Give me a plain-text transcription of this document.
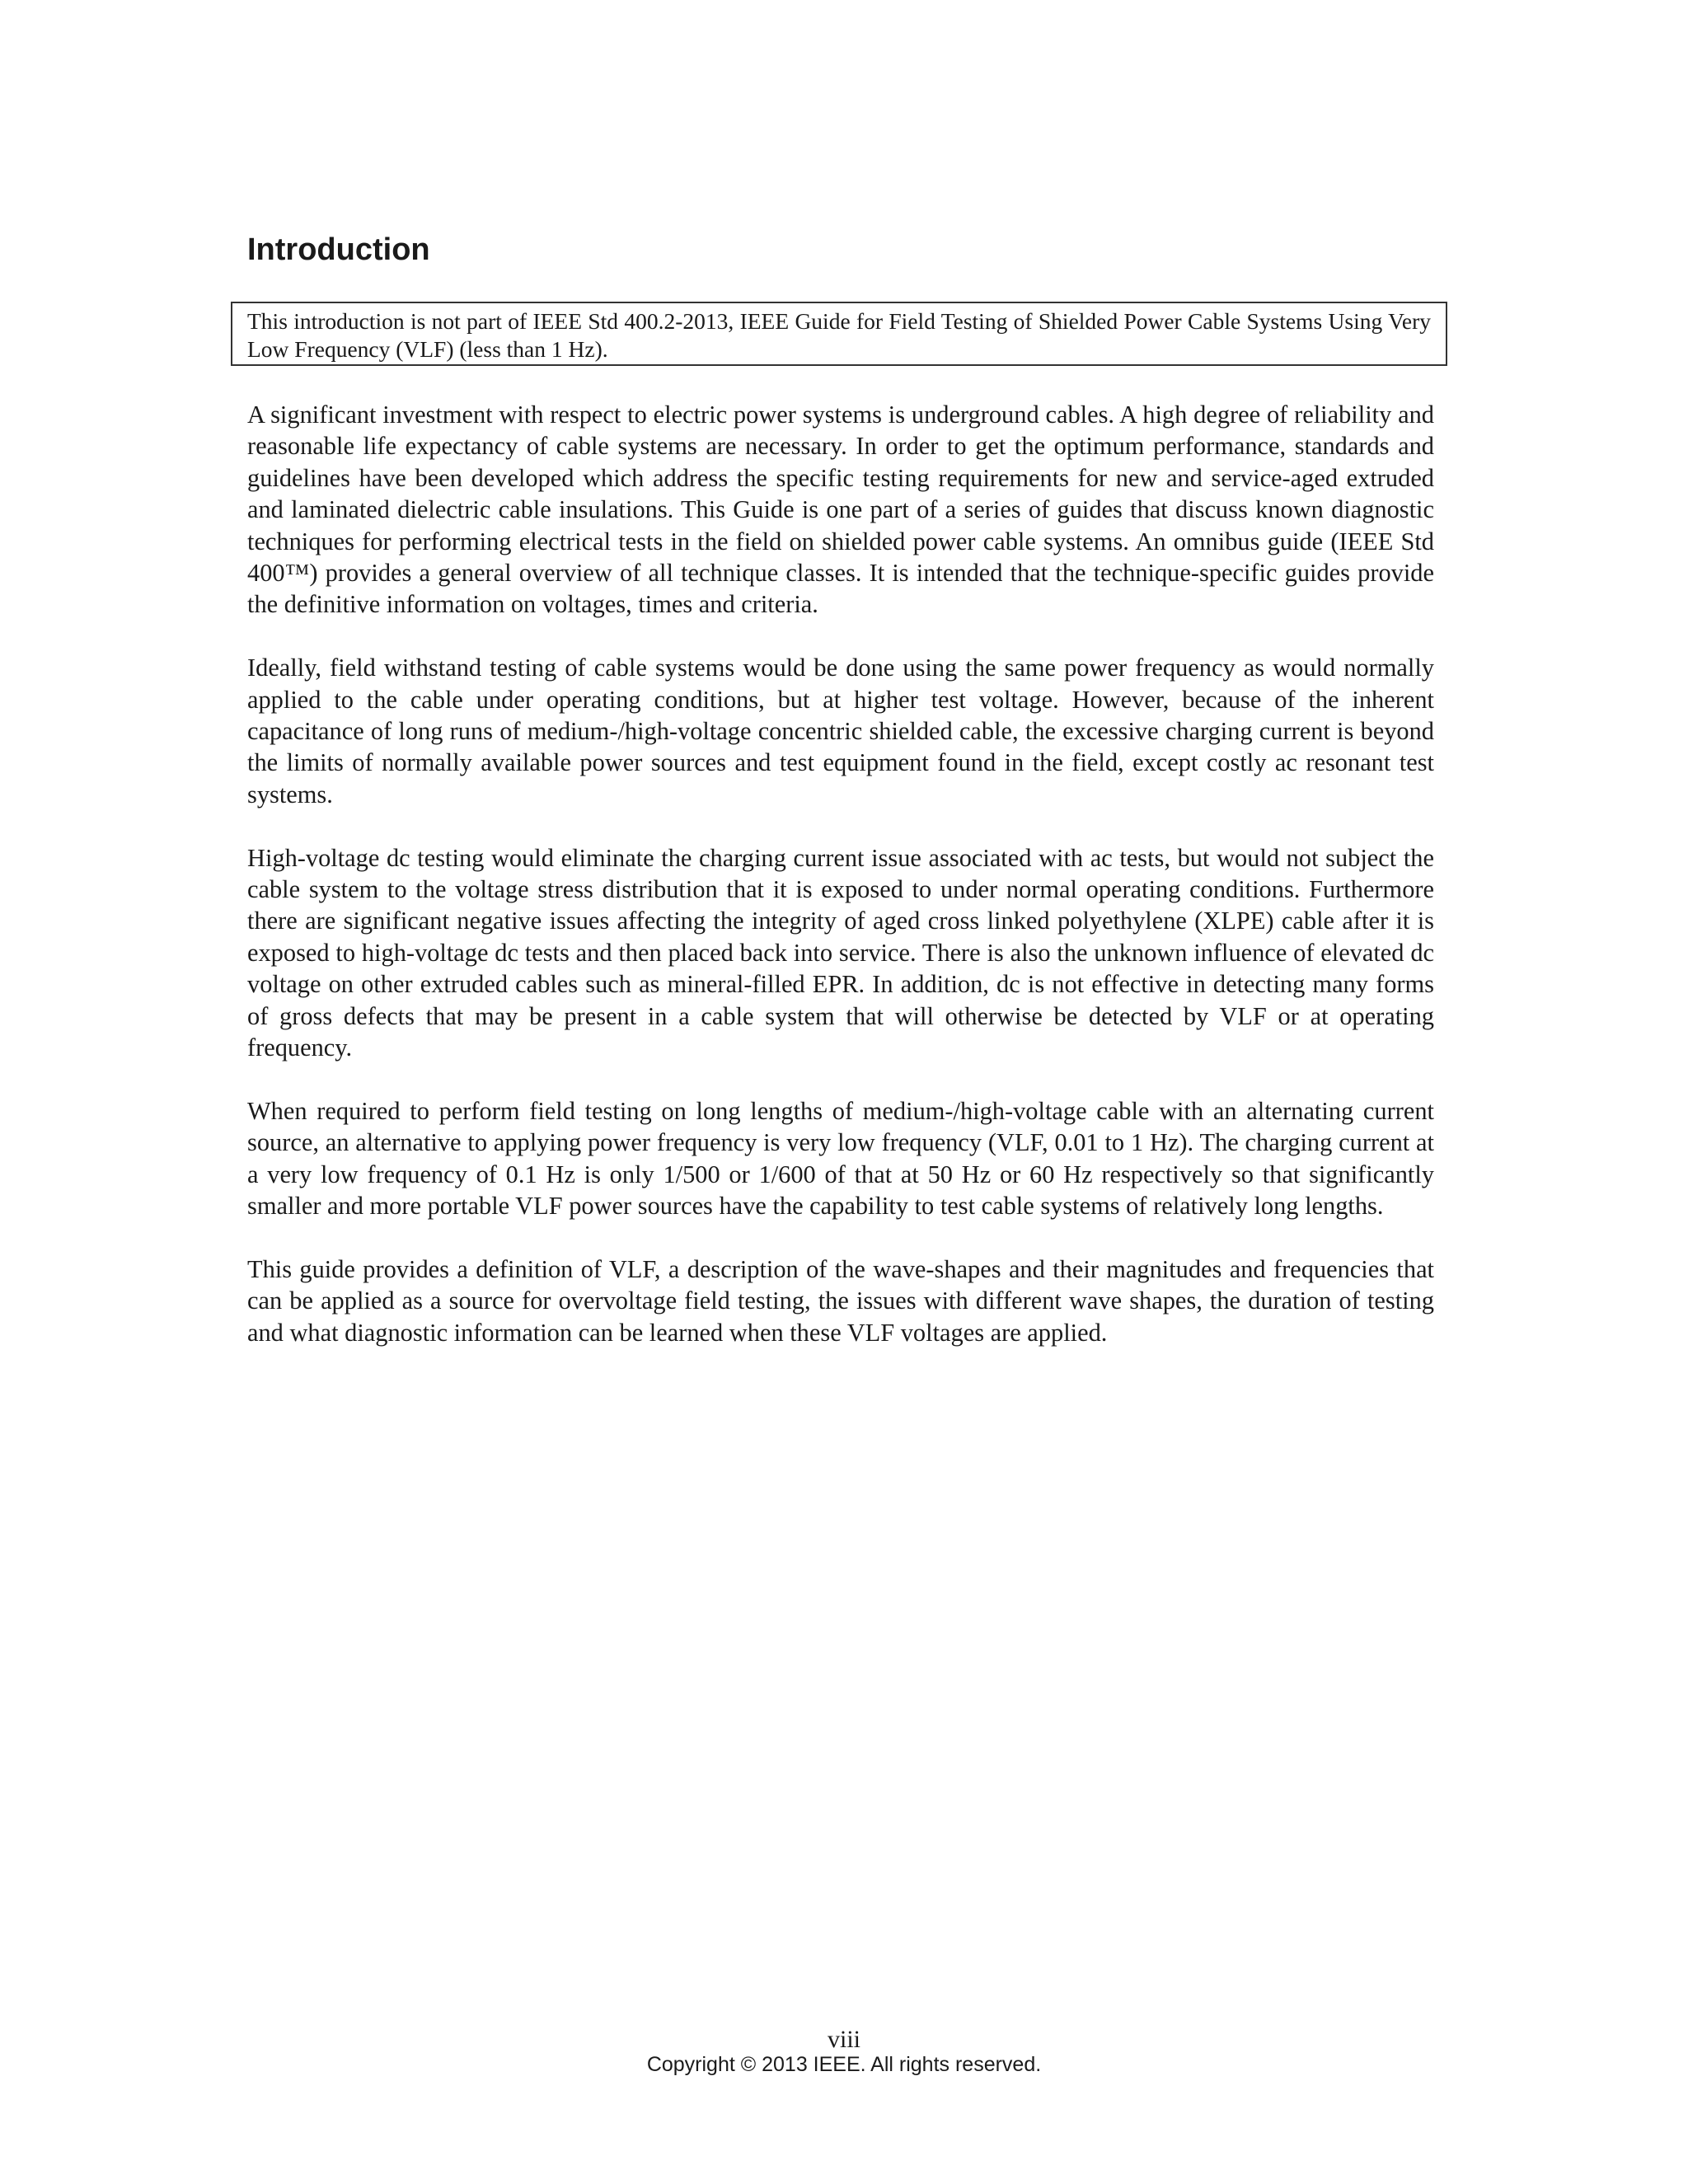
Introduction
This introduction is not part of IEEE Std 400.2-2013, IEEE Guide for Field Testing of Shielded Power Cable Systems Using Very Low Frequency (VLF) (less than 1 Hz).

A significant investment with respect to electric power systems is underground cables. A high degree of reliability and reasonable life expectancy of cable systems are necessary. In order to get the optimum performance, standards and guidelines have been developed which address the specific testing requirements for new and service-aged extruded and laminated dielectric cable insulations. This Guide is one part of a series of guides that discuss known diagnostic techniques for performing electrical tests in the field on shielded power cable systems. An omnibus guide (IEEE Std 400™) provides a general overview of all technique classes. It is intended that the technique-specific guides provide the definitive information on voltages, times and criteria.

Ideally, field withstand testing of cable systems would be done using the same power frequency as would normally applied to the cable under operating conditions, but at higher test voltage. However, because of the inherent capacitance of long runs of medium-/high-voltage concentric shielded cable, the excessive charging current is beyond the limits of normally available power sources and test equipment found in the field, except costly ac resonant test systems.

High-voltage dc testing would eliminate the charging current issue associated with ac tests, but would not subject the cable system to the voltage stress distribution that it is exposed to under normal operating conditions. Furthermore there are significant negative issues affecting the integrity of aged cross linked polyethylene (XLPE) cable after it is exposed to high-voltage dc tests and then placed back into service. There is also the unknown influence of elevated dc voltage on other extruded cables such as mineral-filled EPR. In addition, dc is not effective in detecting many forms of gross defects that may be present in a cable system that will otherwise be detected by VLF or at operating frequency.

When required to perform field testing on long lengths of medium-/high-voltage cable with an alternating current source, an alternative to applying power frequency is very low frequency (VLF, 0.01 to 1 Hz). The charging current at a very low frequency of 0.1 Hz is only 1/500 or 1/600 of that at 50 Hz or 60 Hz respectively so that significantly smaller and more portable VLF power sources have the capability to test cable systems of relatively long lengths.

This guide provides a definition of VLF, a description of the wave-shapes and their magnitudes and frequencies that can be applied as a source for overvoltage field testing, the issues with different wave shapes, the duration of testing and what diagnostic information can be learned when these VLF voltages are applied.

viii
Copyright © 2013 IEEE. All rights reserved.
